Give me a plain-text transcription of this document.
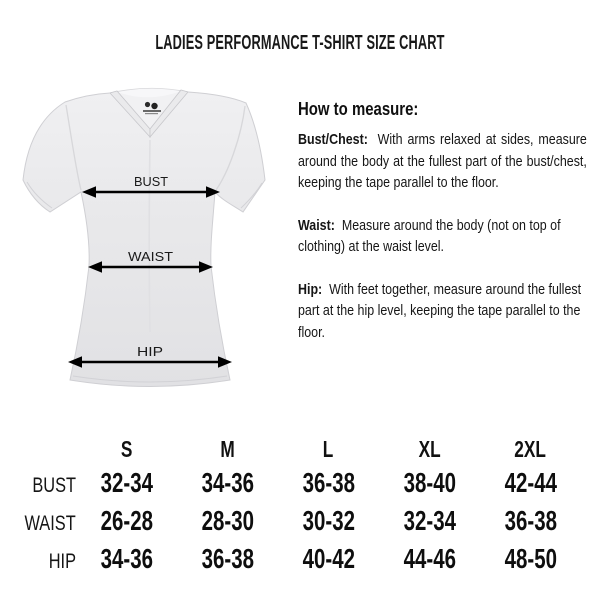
LADIES PERFORMANCE T-SHIRT SIZE CHART
BUST
WAIST
HIP
How to measure:

Bust/Chest: With arms relaxed at sides, measure around the body at the fullest part of the bust/chest, keeping the tape parallel to the floor.

Waist: Measure around the body (not on top of clothing) at the waist level.

Hip: With feet together, measure around the fullest part at the hip level, keeping the tape parallel to the floor.

	S	M	L	XL	2XL
BUST	32-34	34-36	36-38	38-40	42-44
WAIST	26-28	28-30	30-32	32-34	36-38
HIP	34-36	36-38	40-42	44-46	48-50
